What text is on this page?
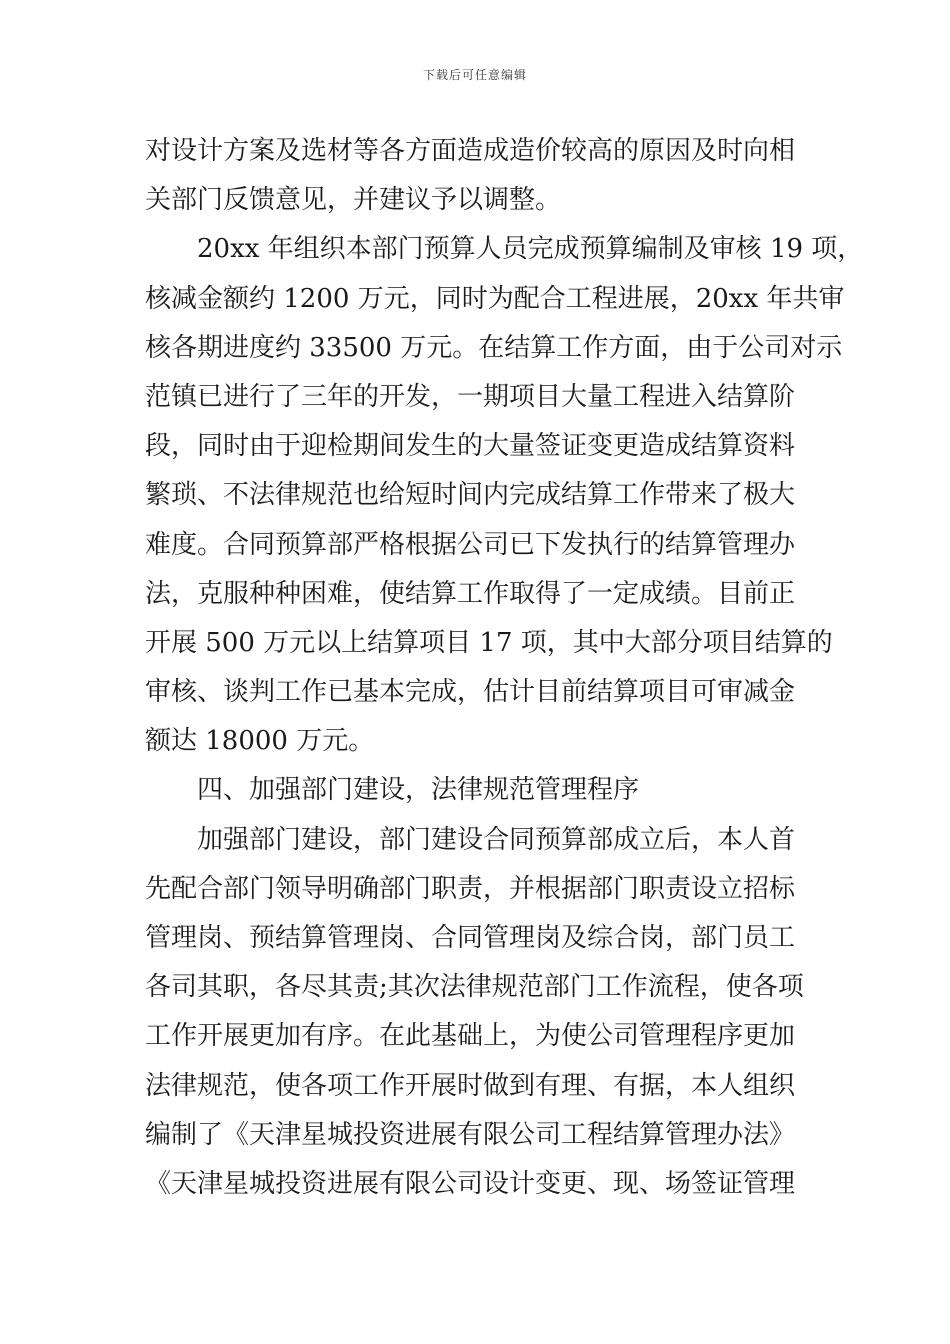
下载后可任意编辑
对设计方案及选材等各方面造成造价较高的原因及时向相
关部门反馈意见，并建议予以调整。
20xx 年组织本部门预算人员完成预算编制及审核 19 项，
核减金额约 1200 万元，同时为配合工程进展，20xx 年共审
核各期进度约 33500 万元。在结算工作方面，由于公司对示
范镇已进行了三年的开发，一期项目大量工程进入结算阶
段，同时由于迎检期间发生的大量签证变更造成结算资料
繁琐、不法律规范也给短时间内完成结算工作带来了极大
难度。合同预算部严格根据公司已下发执行的结算管理办
法，克服种种困难，使结算工作取得了一定成绩。目前正
开展 500 万元以上结算项目 17 项，其中大部分项目结算的
审核、谈判工作已基本完成，估计目前结算项目可审减金
额达 18000 万元。
四、加强部门建设，法律规范管理程序
加强部门建设，部门建设合同预算部成立后，本人首
先配合部门领导明确部门职责，并根据部门职责设立招标
管理岗、预结算管理岗、合同管理岗及综合岗，部门员工
各司其职，各尽其责;其次法律规范部门工作流程，使各项
工作开展更加有序。在此基础上，为使公司管理程序更加
法律规范，使各项工作开展时做到有理、有据，本人组织
编制了《天津星城投资进展有限公司工程结算管理办法》
《天津星城投资进展有限公司设计变更、现、场签证管理
